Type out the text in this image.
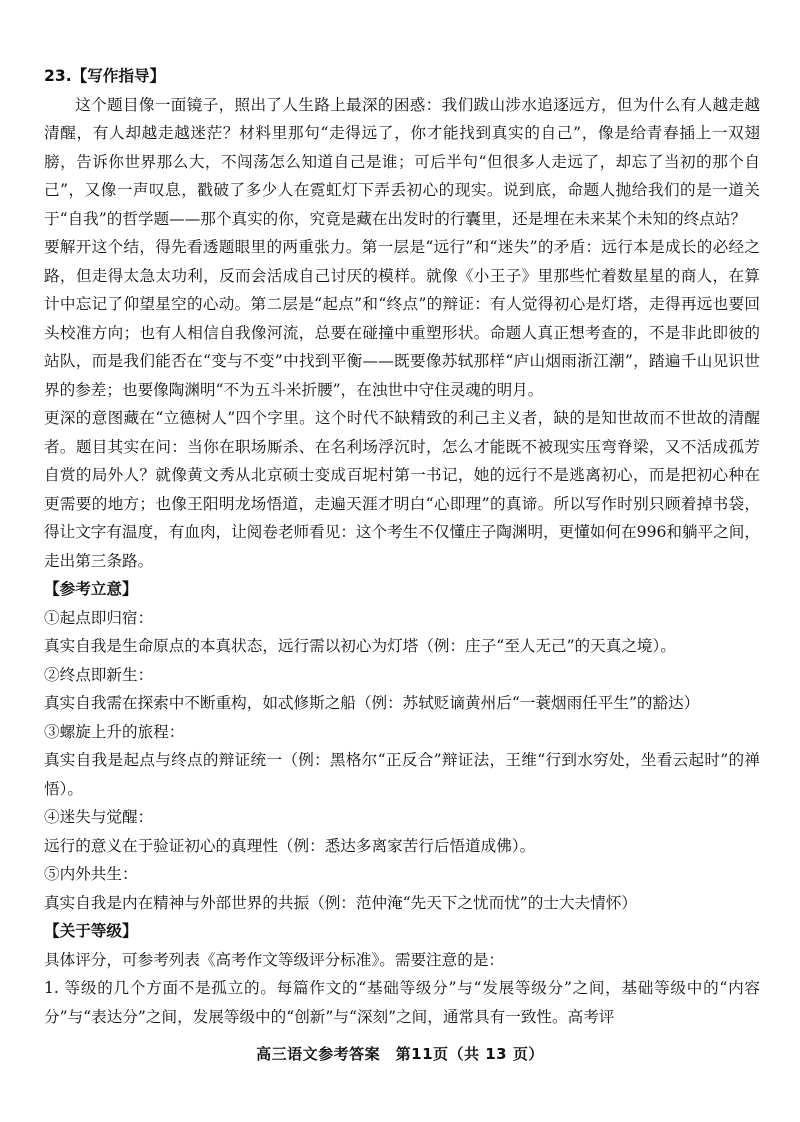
23.【写作指导】

这个题目像一面镜子，照出了人生路上最深的困惑：我们跋山涉水追逐远方，但为什么有人越走越清醒，有人却越走越迷茫？材料里那句“走得远了，你才能找到真实的自己”，像是给青春插上一双翅膀，告诉你世界那么大，不闯荡怎么知道自己是谁；可后半句“但很多人走远了，却忘了当初的那个自己”，又像一声叹息，戳破了多少人在霓虹灯下弄丢初心的现实。说到底，命题人抛给我们的是一道关于“自我”的哲学题——那个真实的你，究竟是藏在出发时的行囊里，还是埋在未来某个未知的终点站？

要解开这个结，得先看透题眼里的两重张力。第一层是“远行”和“迷失”的矛盾：远行本是成长的必经之路，但走得太急太功利，反而会活成自己讨厌的模样。就像《小王子》里那些忙着数星星的商人，在算计中忘记了仰望星空的心动。第二层是“起点”和“终点”的辩证：有人觉得初心是灯塔，走得再远也要回头校准方向；也有人相信自我像河流，总要在碰撞中重塑形状。命题人真正想考查的，不是非此即彼的站队，而是我们能否在“变与不变”中找到平衡——既要像苏轼那样“庐山烟雨浙江潮”，踏遍千山见识世界的参差；也要像陶渊明“不为五斗米折腰”，在浊世中守住灵魂的明月。

更深的意图藏在“立德树人”四个字里。这个时代不缺精致的利己主义者，缺的是知世故而不世故的清醒者。题目其实在问：当你在职场厮杀、在名利场浮沉时，怎么才能既不被现实压弯脊梁，又不活成孤芳自赏的局外人？就像黄文秀从北京硕士变成百坭村第一书记，她的远行不是逃离初心，而是把初心种在更需要的地方；也像王阳明龙场悟道，走遍天涯才明白“心即理”的真谛。所以写作时别只顾着掉书袋，得让文字有温度，有血肉，让阅卷老师看见：这个考生不仅懂庄子陶渊明，更懂如何在996和躺平之间，走出第三条路。

【参考立意】

①起点即归宿：

真实自我是生命原点的本真状态，远行需以初心为灯塔（例：庄子“至人无己”的天真之境）。

②终点即新生：

真实自我需在探索中不断重构，如忒修斯之船（例：苏轼贬谪黄州后“一蓑烟雨任平生”的豁达）

③螺旋上升的旅程：

真实自我是起点与终点的辩证统一（例：黑格尔“正反合”辩证法，王维“行到水穷处，坐看云起时”的禅悟）。

④迷失与觉醒：

远行的意义在于验证初心的真理性（例：悉达多离家苦行后悟道成佛）。

⑤内外共生：

真实自我是内在精神与外部世界的共振（例：范仲淹“先天下之忧而忧”的士大夫情怀）

【关于等级】

具体评分，可参考列表《高考作文等级评分标准》。需要注意的是：

1. 等级的几个方面不是孤立的。每篇作文的“基础等级分”与“发展等级分”之间，基础等级中的“内容分”与“表达分”之间，发展等级中的“创新”与“深刻”之间，通常具有一致性。高考评

高三语文参考答案　第11页（共 13 页）
